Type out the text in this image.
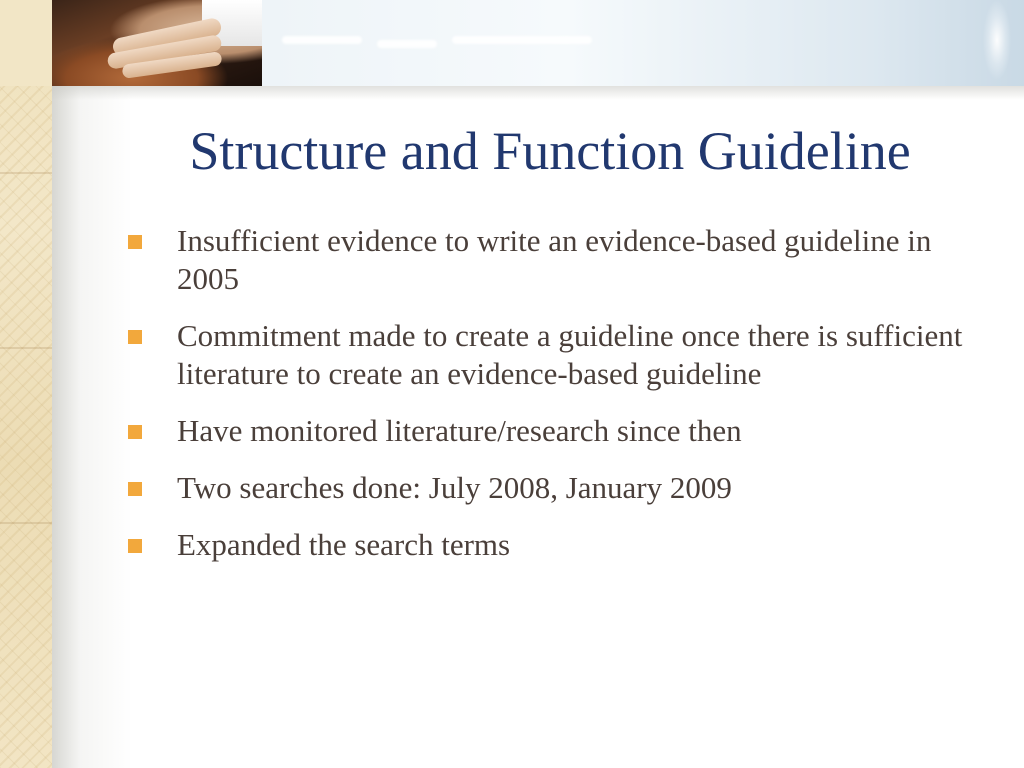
Structure and Function Guideline
Insufficient evidence to write an evidence-based guideline in 2005
Commitment made to create a guideline once there is sufficient literature to create an evidence-based guideline
Have monitored literature/research since then
Two searches done: July 2008, January 2009
Expanded the search terms
